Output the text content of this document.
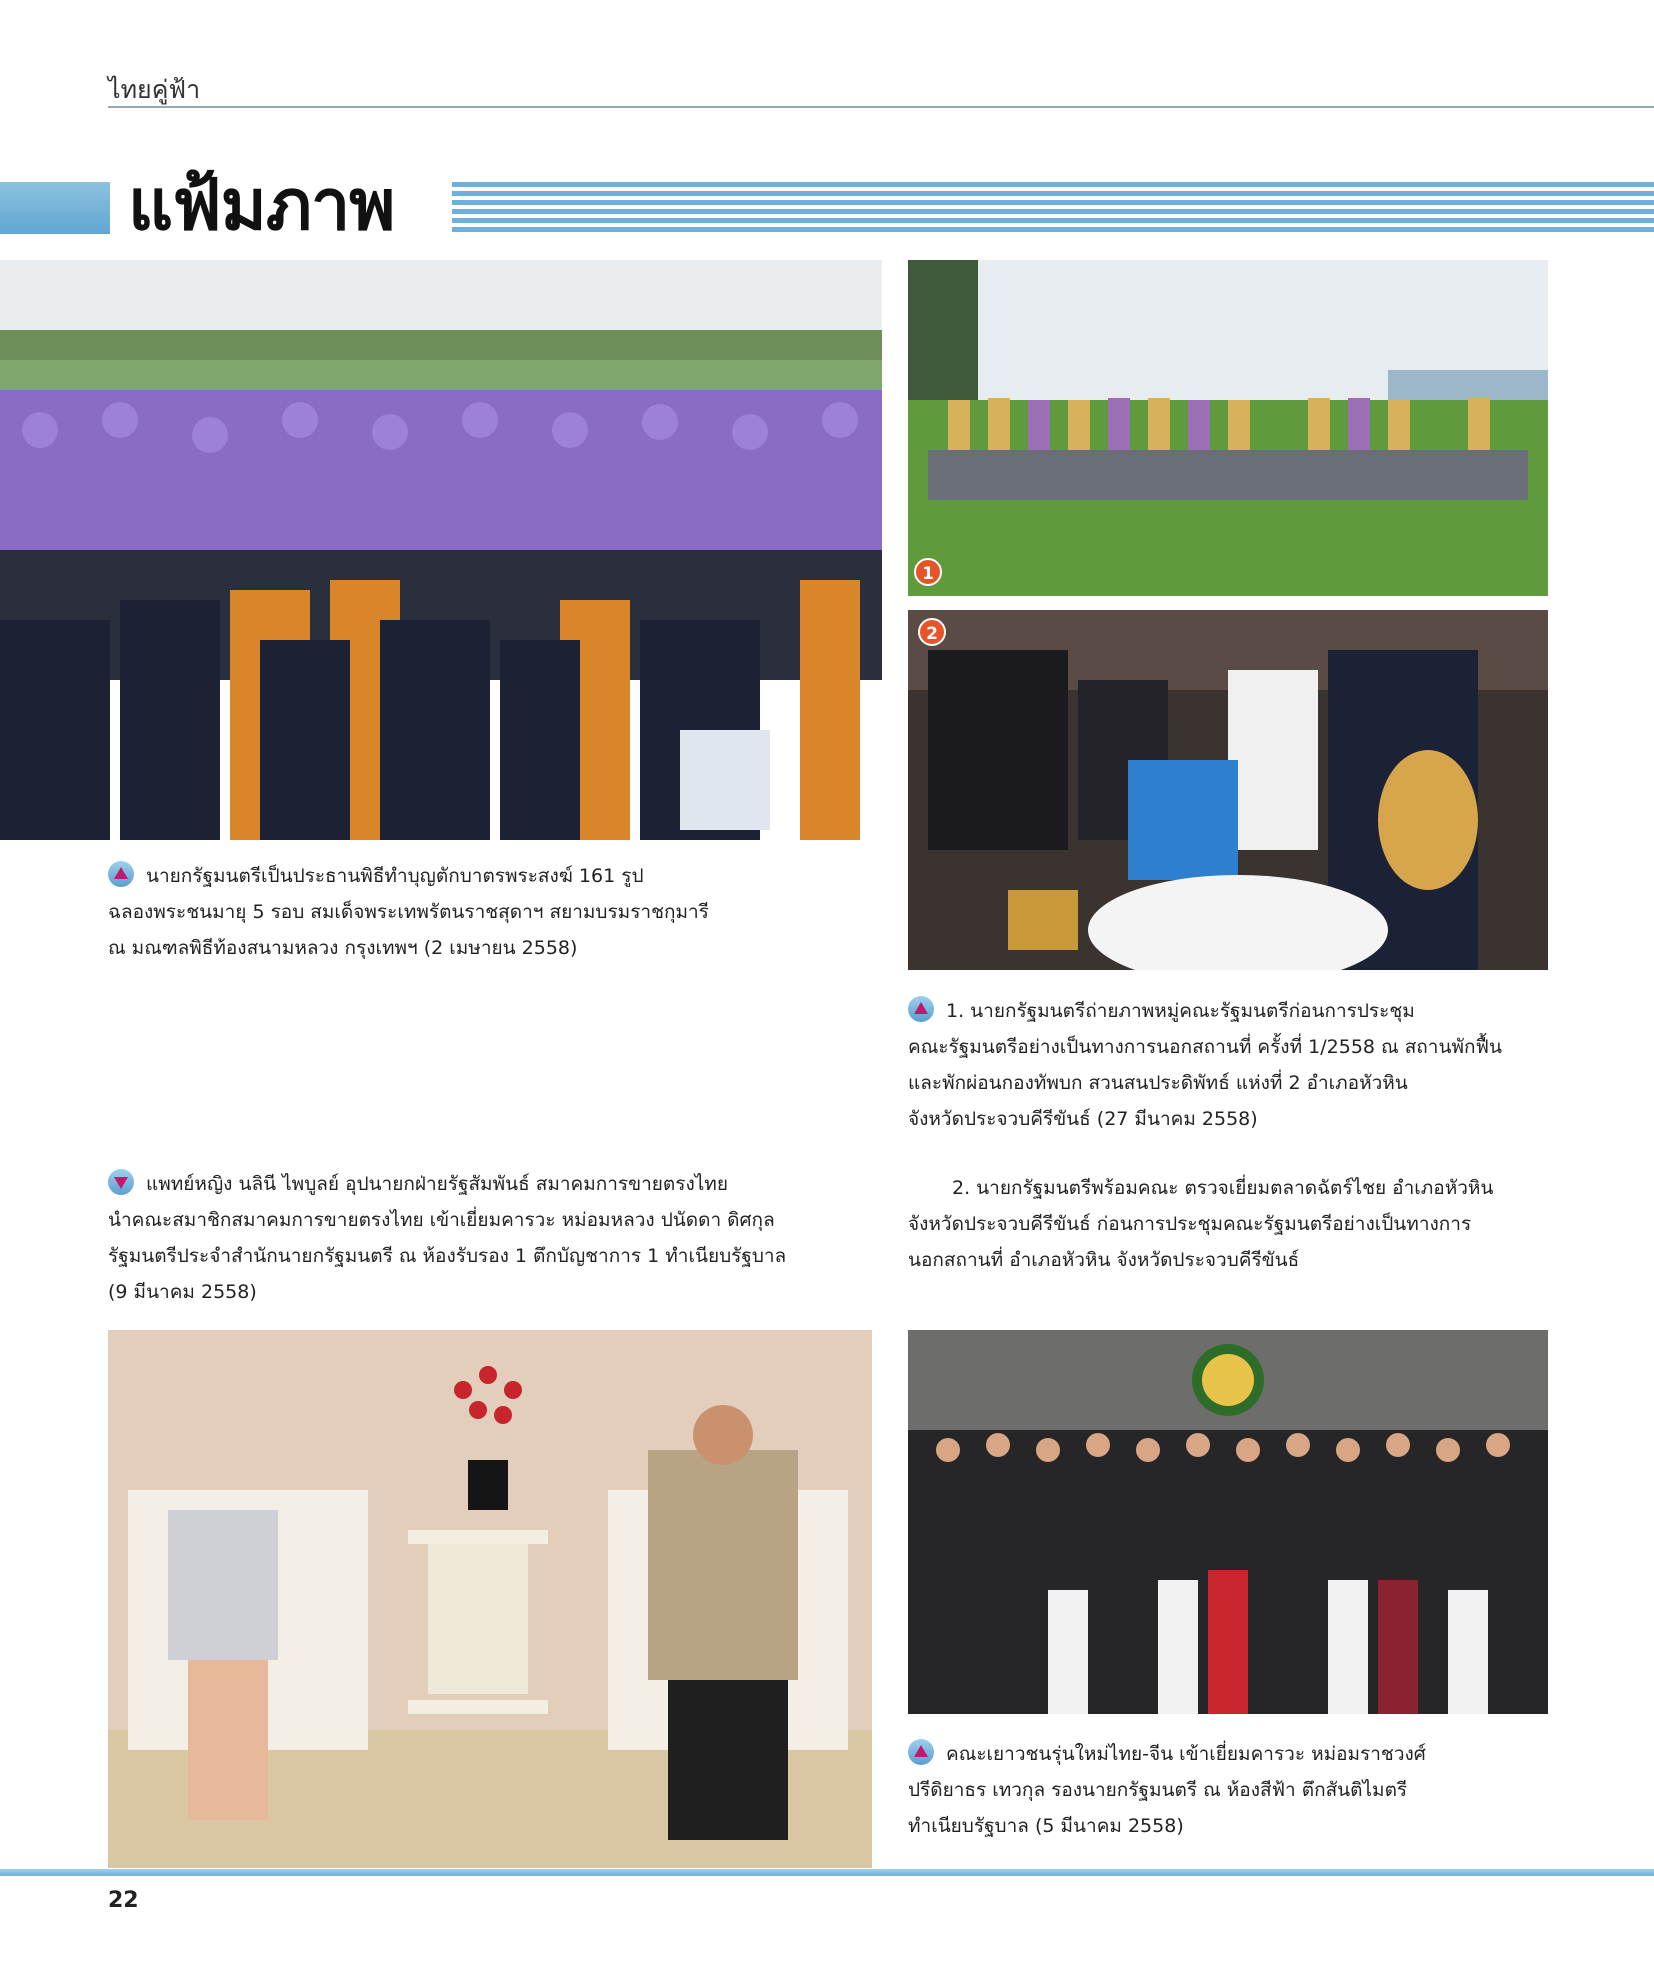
ไทยคู่ฟ้า
แฟ้มภาพ
1
2
นายกรัฐมนตรีเป็นประธานพิธีทำบุญตักบาตรพระสงฆ์ 161 รูป
ฉลองพระชนมายุ 5 รอบ สมเด็จพระเทพรัตนราชสุดาฯ สยามบรมราชกุมารี
ณ มณฑลพิธีท้องสนามหลวง กรุงเทพฯ (2 เมษายน 2558)
1. นายกรัฐมนตรีถ่ายภาพหมู่คณะรัฐมนตรีก่อนการประชุม
คณะรัฐมนตรีอย่างเป็นทางการนอกสถานที่ ครั้งที่ 1/2558 ณ สถานพักฟื้น
และพักผ่อนกองทัพบก สวนสนประดิพัทธ์ แห่งที่ 2 อำเภอหัวหิน
จังหวัดประจวบคีรีขันธ์ (27 มีนาคม 2558)
แพทย์หญิง นลินี ไพบูลย์ อุปนายกฝ่ายรัฐสัมพันธ์ สมาคมการขายตรงไทย
นำคณะสมาชิกสมาคมการขายตรงไทย เข้าเยี่ยมคารวะ หม่อมหลวง ปนัดดา ดิศกุล
รัฐมนตรีประจำสำนักนายกรัฐมนตรี ณ ห้องรับรอง 1 ตึกบัญชาการ 1 ทำเนียบรัฐบาล
(9 มีนาคม 2558)
2. นายกรัฐมนตรีพร้อมคณะ ตรวจเยี่ยมตลาดฉัตร์ไชย อำเภอหัวหิน
จังหวัดประจวบคีรีขันธ์ ก่อนการประชุมคณะรัฐมนตรีอย่างเป็นทางการ
นอกสถานที่ อำเภอหัวหิน จังหวัดประจวบคีรีขันธ์
คณะเยาวชนรุ่นใหม่ไทย-จีน เข้าเยี่ยมคารวะ หม่อมราชวงศ์
ปรีดิยาธร เทวกุล รองนายกรัฐมนตรี ณ ห้องสีฟ้า ตึกสันติไมตรี
ทำเนียบรัฐบาล (5 มีนาคม 2558)
22
